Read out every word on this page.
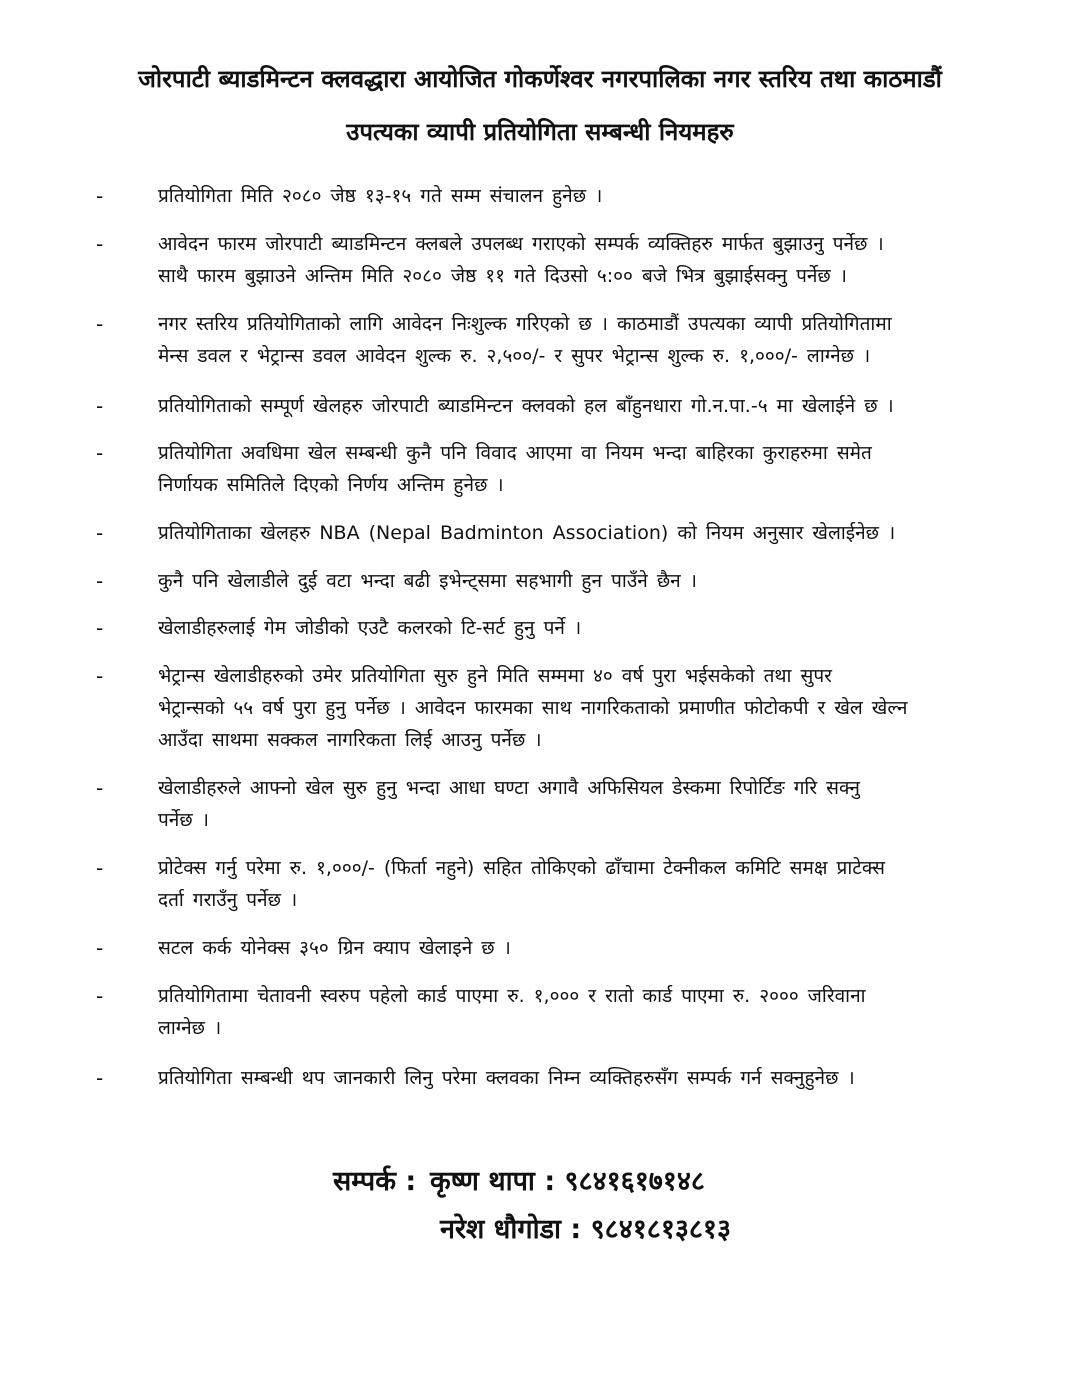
जोरपाटी ब्याडमिन्टन क्लवद्धारा आयोजित गोकर्णेश्वर नगरपालिका नगर स्तरिय तथा काठमाडौं
उपत्यका व्यापी प्रतियोगिता सम्बन्धी नियमहरु
-	प्रतियोगिता मिति २०८० जेष्ठ १३-१५ गते सम्म संचालन हुनेछ ।
-	आवेदन फारम जोरपाटी ब्याडमिन्टन क्लबले उपलब्ध गराएको सम्पर्क व्यक्तिहरु मार्फत बुझाउनु पर्नेछ ।
साथै फारम बुझाउने अन्तिम मिति २०८० जेष्ठ ११ गते दिउसो ५:०० बजे भित्र बुझाईसक्नु पर्नेछ ।
-	नगर स्तरिय प्रतियोगिताको लागि आवेदन निःशुल्क गरिएको छ । काठमाडौं उपत्यका व्यापी प्रतियोगितामा
मेन्स डवल र भेट्रान्स डवल आवेदन शुल्क रु. २,५००/- र सुपर भेट्रान्स शुल्क रु. १,०००/- लाग्नेछ ।
-	प्रतियोगिताको सम्पूर्ण खेलहरु जोरपाटी ब्याडमिन्टन क्लवको हल बाँहुनधारा गो.न.पा.-५ मा खेलाईने छ ।
-	प्रतियोगिता अवधिमा खेल सम्बन्धी कुनै पनि विवाद आएमा वा नियम भन्दा बाहिरका कुराहरुमा समेत
निर्णायक समितिले दिएको निर्णय अन्तिम हुनेछ ।
-	प्रतियोगिताका खेलहरु NBA (Nepal Badminton Association) को नियम अनुसार खेलाईनेछ ।
-	कुनै पनि खेलाडीले दुई वटा भन्दा बढी इभेन्ट्समा सहभागी हुन पाउँने छैन ।
-	खेलाडीहरुलाई गेम जोडीको एउटै कलरको टि-सर्ट हुनु पर्ने ।
-	भेट्रान्स खेलाडीहरुको उमेर प्रतियोगिता सुरु हुने मिति सम्ममा ४० वर्ष पुरा भईसकेको तथा सुपर
भेट्रान्सको ५५ वर्ष पुरा हुनु पर्नेछ । आवेदन फारमका साथ नागरिकताको प्रमाणीत फोटोकपी र खेल खेल्न
आउँदा साथमा सक्कल नागरिकता लिई आउनु पर्नेछ ।
-	खेलाडीहरुले आफ्नो खेल सुरु हुनु भन्दा आधा घण्टा अगावै अफिसियल डेस्कमा रिपोर्टिङ गरि सक्नु
पर्नेछ ।
-	प्रोटेक्स गर्नु परेमा रु. १,०००/- (फिर्ता नहुने) सहित तोकिएको ढाँचामा टेक्नीकल कमिटि समक्ष प्राटेक्स
दर्ता गराउँनु पर्नेछ ।
-	सटल कर्क योनेक्स ३५० ग्रिन क्याप खेलाइने छ ।
-	प्रतियोगितामा चेतावनी स्वरुप पहेलो कार्ड पाएमा रु. १,००० र रातो कार्ड पाएमा रु. २००० जरिवाना
लाग्नेछ ।
-	प्रतियोगिता सम्बन्धी थप जानकारी लिनु परेमा क्लवका निम्न व्यक्तिहरुसँग सम्पर्क गर्न सक्नुहुनेछ ।
सम्पर्क : कृष्ण थापा : ९८४१६१७१४८
नरेश धौगोडा : ९८४१८१३८१३
